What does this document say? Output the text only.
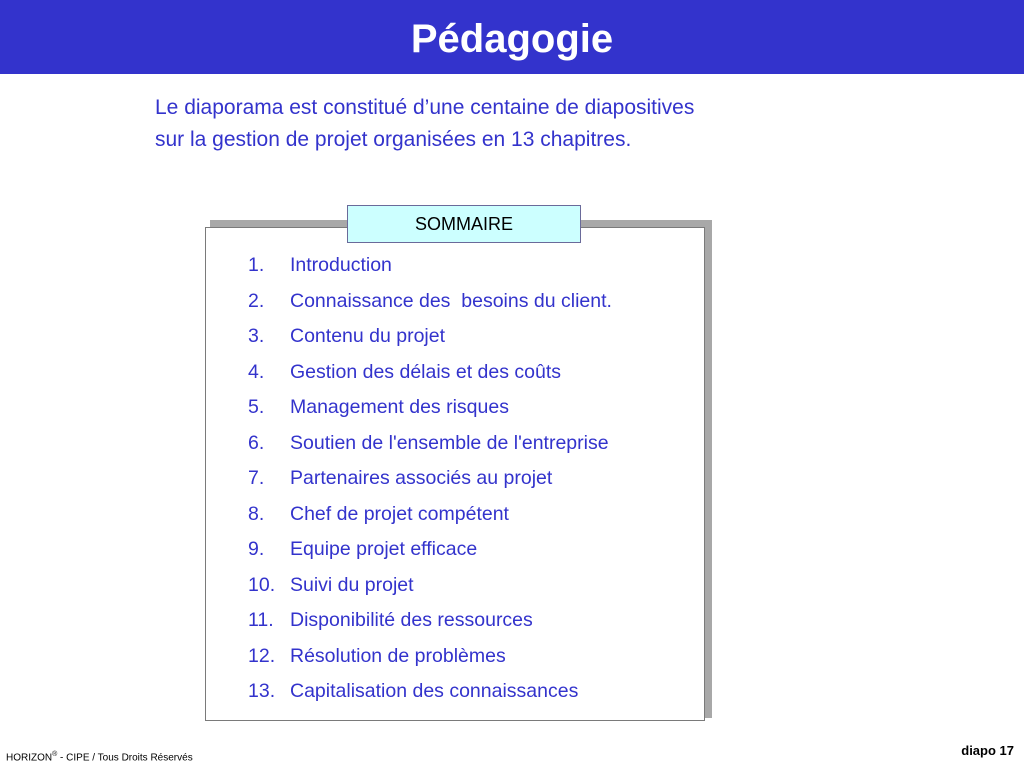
Pédagogie

Le diaporama est constitué d’une centaine de diapositives

sur la gestion de projet organisées en 13 chapitres.

SOMMAIRE
1. Introduction
2. Connaissance des  besoins du client.
3. Contenu du projet
4. Gestion des délais et des coûts
5. Management des risques
6. Soutien de l'ensemble de l'entreprise
7. Partenaires associés au projet
8. Chef de projet compétent
9. Equipe projet efficace
10. Suivi du projet
11. Disponibilité des ressources
12. Résolution de problèmes
13. Capitalisation des connaissances
HORIZON® - CIPE / Tous Droits Réservés	diapo 17
